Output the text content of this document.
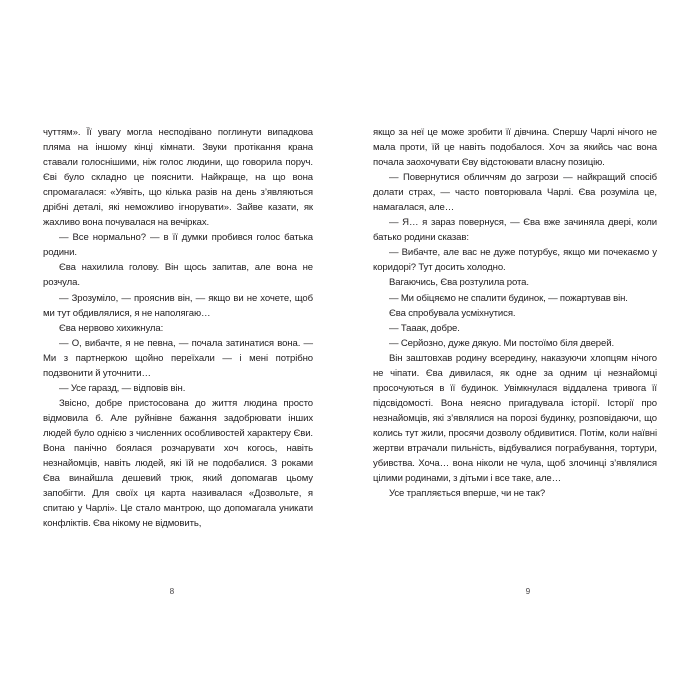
чуттям». Її увагу могла несподівано поглинути випадкова пляма на іншому кінці кімнати. Звуки протікання крана ставали голоснішими, ніж голос людини, що говорила поруч. Єві було складно це пояснити. Найкраще, на що вона спромагалася: «Уявіть, що кілька разів на день з’являються дрібні деталі, які неможливо ігнорувати». Зайве казати, як жахливо вона почувалася на вечірках.

— Все нормально? — в її думки пробився голос батька родини.

Єва нахилила голову. Він щось запитав, але вона не розчула.

— Зрозуміло, — прояснив він, — якщо ви не хочете, щоб ми тут обдивлялися, я не наполягаю…

Єва нервово хихикнула:

— О, вибачте, я не певна, — почала затинатися вона. — Ми з партнеркою щойно переїхали — і мені потрібно подзвонити й уточнити…

— Усе гаразд, — відповів він.

Звісно, добре пристосована до життя людина просто відмовила б. Але руйнівне бажання задобрювати інших людей було однією з численних особливостей характеру Єви. Вона панічно боялася розчарувати хоч когось, навіть незнайомців, навіть людей, які їй не подобалися. З роками Єва винайшла дешевий трюк, який допомагав цьому запобігти. Для своїх ця карта називалася «Дозвольте, я спитаю у Чарлі». Це стало мантрою, що допомагала уникати конфліктів. Єва нікому не відмовить,

8

якщо за неї це може зробити її дівчина. Спершу Чарлі нічого не мала проти, їй це навіть подобалося. Хоч за якийсь час вона почала заохочувати Єву відстоювати власну позицію.

— Повернутися обличчям до загрози — найкращий спосіб долати страх, — часто повторювала Чарлі. Єва розуміла це, намагалася, але…

— Я… я зараз повернуся, — Єва вже зачиняла двері, коли батько родини сказав:

— Вибачте, але вас не дуже потурбує, якщо ми почекаємо у коридорі? Тут досить холодно.

Вагаючись, Єва розтулила рота.

— Ми обіцяємо не спалити будинок, — пожартував він.

Єва спробувала усміхнутися.

— Тааак, добре.

— Серйозно, дуже дякую. Ми постоїмо біля дверей.

Він заштовхав родину всередину, наказуючи хлопцям нічого не чіпати. Єва дивилася, як одне за одним ці незнайомці просочуються в її будинок. Увімкнулася віддалена тривога її підсвідомості. Вона неясно пригадувала історії. Історії про незнайомців, які з’являлися на порозі будинку, розповідаючи, що колись тут жили, просячи дозволу обдивитися. Потім, коли наївні жертви втрачали пильність, відбувалися пограбування, тортури, убивства. Хоча… вона ніколи не чула, щоб злочинці з’являлися цілими родинами, з дітьми і все таке, але…

Усе трапляється вперше, чи не так?

9
